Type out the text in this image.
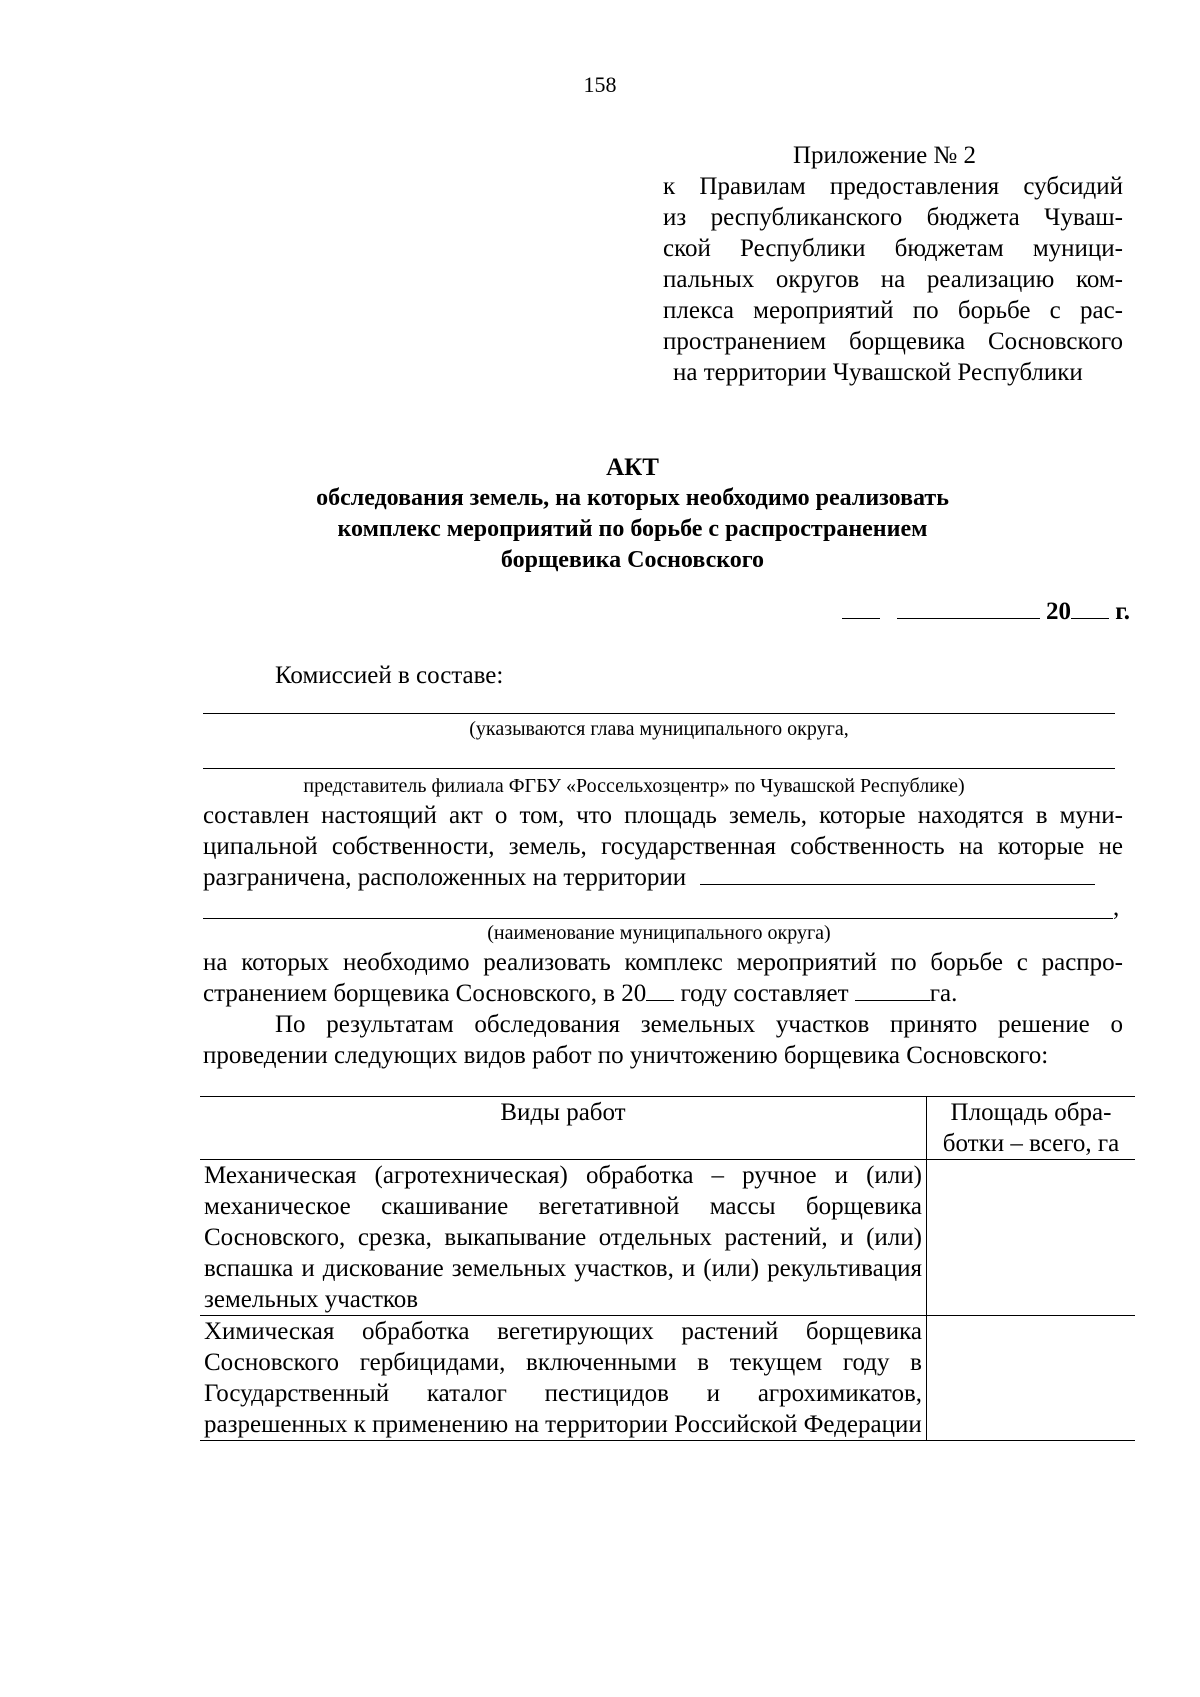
158
Приложение № 2
к Правилам предоставления субсидий
из республиканского бюджета Чуваш-
ской Республики бюджетам муници-
пальных округов на реализацию ком-
плекса мероприятий по борьбе с рас-
пространением борщевика Сосновского
на территории Чувашской Республики
АКТ
обследования земель, на которых необходимо реализовать
комплекс мероприятий по борьбе с распространением
борщевика Сосновского
20 г.
Комиссией в составе:
(указываются глава муниципального округа,
представитель филиала ФГБУ «Россельхозцентр» по Чувашской Республике)
составлен настоящий акт о том, что площадь земель, которые находятся в муни-
ципальной собственности, земель, государственная собственность на которые не
разграничена, расположенных на территории
,
(наименование муниципального округа)
на которых необходимо реализовать комплекс мероприятий по борьбе с распро-
странением борщевика Сосновского, в 20 году составляет	га.
По результатам обследования земельных участков принято решение о
проведении следующих видов работ по уничтожению борщевика Сосновского:
Виды работ	Площадь обра-ботки – всего, га
Механическая (агротехническая) обработка – ручное и (или) механическое скашивание вегетативной массы борщевика Сосновского, срезка, выкапывание отдельных растений, и (или) вспашка и дискование земельных участков, и (или) рекультивация земельных участков	
Химическая обработка вегетирующих растений борщевика Сосновского гербицидами, включенными в текущем году в Государственный каталог пестицидов и агрохимикатов, разрешенных к применению на территории Российской Федерации	
